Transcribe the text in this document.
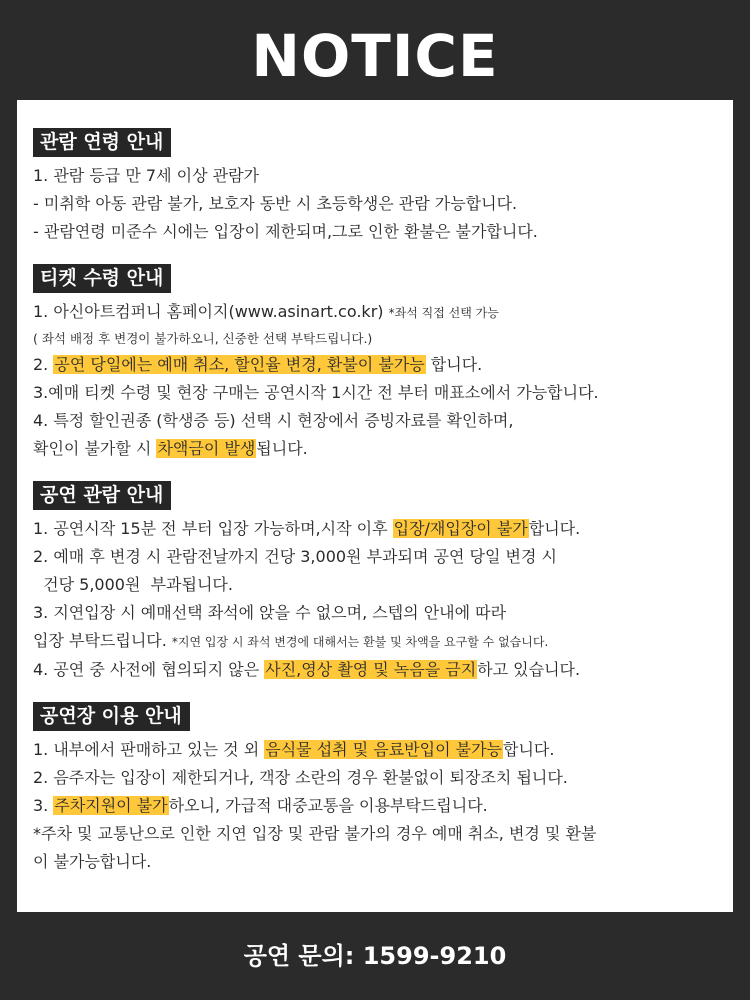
NOTICE
관람 연령 안내
1. 관람 등급 만 7세 이상 관람가
- 미취학 아동 관람 불가, 보호자 동반 시 초등학생은 관람 가능합니다.
- 관람연령 미준수 시에는 입장이 제한되며,그로 인한 환불은 불가합니다.
티켓 수령 안내
1. 아신아트컴퍼니 홈페이지(www.asinart.co.kr) *좌석 직접 선택 가능
( 좌석 배정 후 변경이 불가하오니, 신중한 선택 부탁드립니다.)
2. 공연 당일에는 예매 취소, 할인율 변경, 환불이 불가능 합니다.
3.예매 티켓 수령 및 현장 구매는 공연시작 1시간 전 부터 매표소에서 가능합니다.
4. 특정 할인권종 (학생증 등) 선택 시 현장에서 증빙자료를 확인하며,
확인이 불가할 시 차액금이 발생됩니다.
공연 관람 안내
1. 공연시작 15분 전 부터 입장 가능하며,시작 이후 입장/재입장이 불가합니다.
2. 예매 후 변경 시 관람전날까지 건당 3,000원 부과되며 공연 당일 변경 시
건당 5,000원  부과됩니다.
3. 지연입장 시 예매선택 좌석에 앉을 수 없으며, 스텝의 안내에 따라
입장 부탁드립니다. *지연 입장 시 좌석 변경에 대해서는 환불 및 차액을 요구할 수 없습니다.
4. 공연 중 사전에 협의되지 않은 사진,영상 촬영 및 녹음을 금지하고 있습니다.
공연장 이용 안내
1. 내부에서 판매하고 있는 것 외 음식물 섭취 및 음료반입이 불가능합니다.
2. 음주자는 입장이 제한되거나, 객장 소란의 경우 환불없이 퇴장조치 됩니다.
3. 주차지원이 불가하오니, 가급적 대중교통을 이용부탁드립니다.
*주차 및 교통난으로 인한 지연 입장 및 관람 불가의 경우 예매 취소, 변경 및 환불
이 불가능합니다.
공연 문의: 1599-9210
